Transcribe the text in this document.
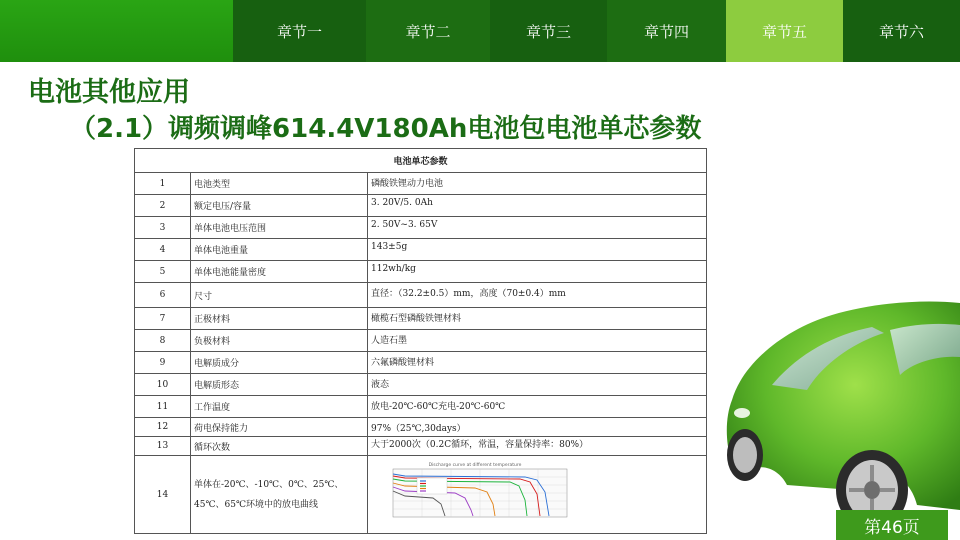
章节一	章节二	章节三	章节四	章节五	章节六
电池其他应用
（2.1）调频调峰614.4V180Ah电池包电池单芯参数
电池单芯参数		
1	电池类型	磷酸铁锂动力电池
2	额定电压/容量	3. 20V/5. 0Ah
3	单体电池电压范围	2. 50V~3. 65V
4	单体电池重量	143±5g
5	单体电池能量密度	112wh/kg
6	尺寸	直径：（32.2±0.5）mm，高度（70±0.4）mm
7	正极材料	橄榄石型磷酸铁锂材料
8	负极材料	人造石墨
9	电解质成分	六氟磷酸锂材料
10	电解质形态	液态
11	工作温度	放电-20℃-60℃充电-20℃-60℃
12	荷电保持能力	97%（25℃,30days）
13	循环次数	大于2000次（0.2C循环，常温，容量保持率：80%）
14	单体在-20℃、-10℃、0℃、25℃、45℃、65℃环境中的放电曲线	Discharge curve at different temperature
第46页
